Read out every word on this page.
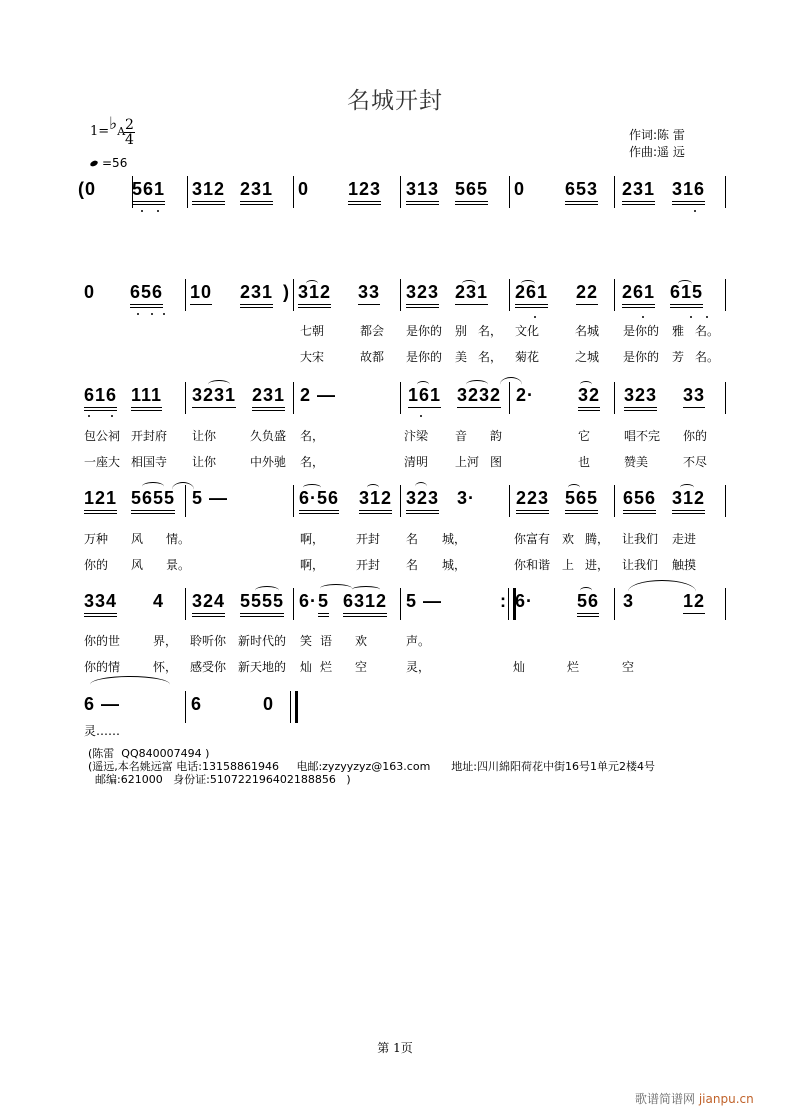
名城开封
1=♭A 2
4
=56
作词:陈 雷
作曲:遥 远
(0 561 312 231 0 123 313 565 0 653 231 316
0 656 10 231 ) 312 33 323 231 261 22 261 615
七朝	都会 是你的 别 名， 文化	名城 是你的 雅 名。
大宋	故都 是你的 美 名， 菊花	之城 是你的 芳 名。
616 111 3231 231 2 —	161 3232 2· 32 323 33
包公祠 开封府 让你	久负盛 名，	汴梁 音 韵	它	唱不完 你的
一座大 相国寺 让你	中外驰 名，	清明 上河 图	也	赞美	不尽
121 5655 5 —	6·56 312 323 3· 223 565 656 312
万种 风 情。	啊，	开封 名 城，	你富有 欢 腾， 让我们 走进
你的 风 景。	啊，	开封 名 城，	你和谐 上 进， 让我们 触摸
334 4 324 5555 6· 5 6312 5 —	: 6· 56 3	12
你的世	界， 聆听你 新时代的 笑 语 欢	声。
你的情	怀， 感受你 新天地的 灿 烂 空	灵，	灿	烂	空
6 —	6	0
灵……
(陈雷  QQ840007494 )
(遥远,本名姚远富 电话:13158861946     电邮:zyzyyzyz@163.com      地址:四川綿阳荷花中街16号1单元2楼4号
邮编:621000   身份证:510722196402188856   )
第 1页
歌谱简谱网 jianpu.cn
